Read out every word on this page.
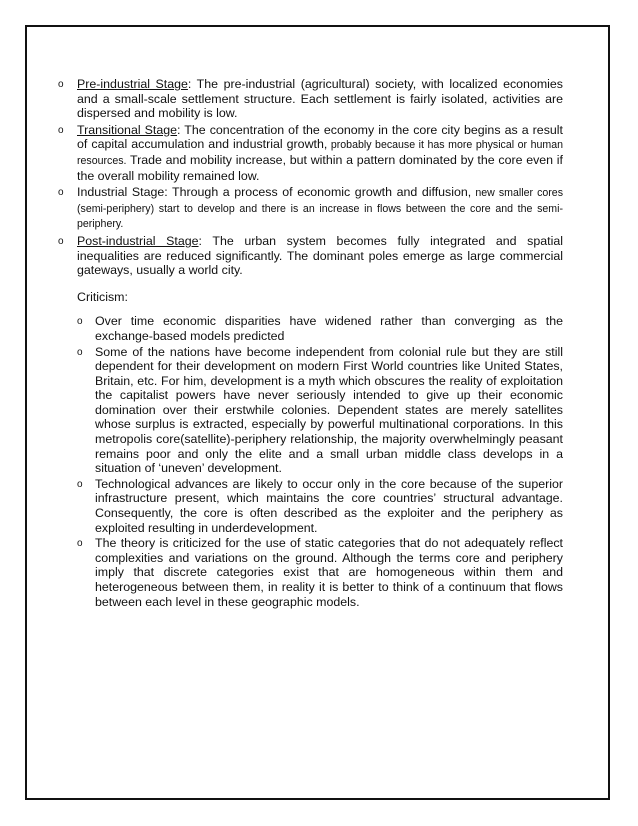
o Pre-industrial Stage: The pre-industrial (agricultural) society, with localized economies and a small-scale settlement structure. Each settlement is fairly isolated, activities are dispersed and mobility is low.
o Transitional Stage: The concentration of the economy in the core city begins as a result of capital accumulation and industrial growth, probably because it has more physical or human resources. Trade and mobility increase, but within a pattern dominated by the core even if the overall mobility remained low.
o Industrial Stage: Through a process of economic growth and diffusion, new smaller cores (semi-periphery) start to develop and there is an increase in flows between the core and the semi-periphery.
o Post-industrial Stage: The urban system becomes fully integrated and spatial inequalities are reduced significantly. The dominant poles emerge as large commercial gateways, usually a world city.
Criticism:
o Over time economic disparities have widened rather than converging as the exchange-based models predicted
o Some of the nations have become independent from colonial rule but they are still dependent for their development on modern First World countries like United States, Britain, etc. For him, development is a myth which obscures the reality of exploitation the capitalist powers have never seriously intended to give up their economic domination over their erstwhile colonies. Dependent states are merely satellites whose surplus is extracted, especially by powerful multinational corporations. In this metropolis core(satellite)-periphery relationship, the majority overwhelmingly peasant remains poor and only the elite and a small urban middle class develops in a situation of ‘uneven’ development.
o Technological advances are likely to occur only in the core because of the superior infrastructure present, which maintains the core countries’ structural advantage. Consequently, the core is often described as the exploiter and the periphery as exploited resulting in underdevelopment.
o The theory is criticized for the use of static categories that do not adequately reflect complexities and variations on the ground. Although the terms core and periphery imply that discrete categories exist that are homogeneous within them and heterogeneous between them, in reality it is better to think of a continuum that flows between each level in these geographic models.
